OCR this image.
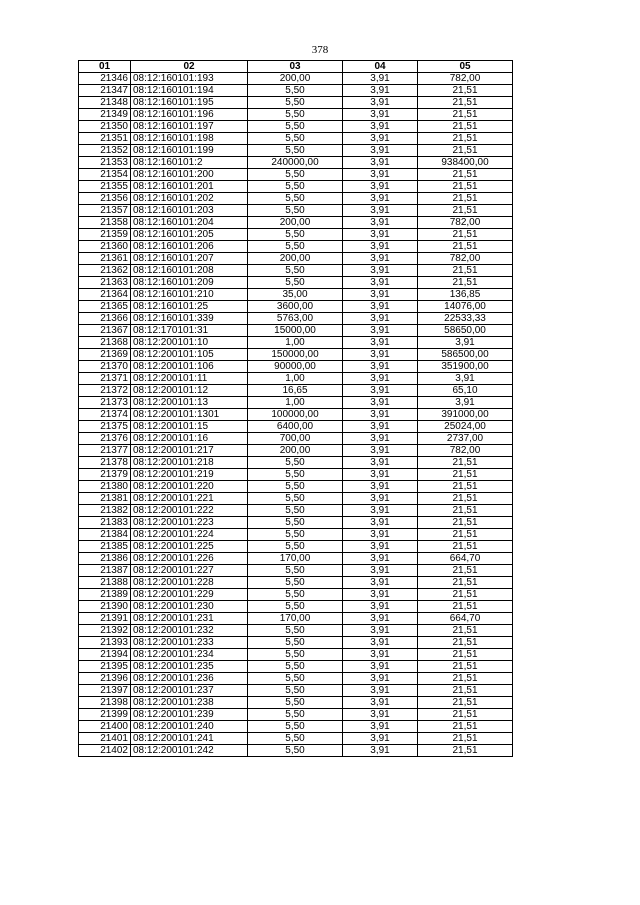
378
01	02	03	04	05
21346	08:12:160101:193	200,00	3,91	782,00
21347	08:12:160101:194	5,50	3,91	21,51
21348	08:12:160101:195	5,50	3,91	21,51
21349	08:12:160101:196	5,50	3,91	21,51
21350	08:12:160101:197	5,50	3,91	21,51
21351	08:12:160101:198	5,50	3,91	21,51
21352	08:12:160101:199	5,50	3,91	21,51
21353	08:12:160101:2	240000,00	3,91	938400,00
21354	08:12:160101:200	5,50	3,91	21,51
21355	08:12:160101:201	5,50	3,91	21,51
21356	08:12:160101:202	5,50	3,91	21,51
21357	08:12:160101:203	5,50	3,91	21,51
21358	08:12:160101:204	200,00	3,91	782,00
21359	08:12:160101:205	5,50	3,91	21,51
21360	08:12:160101:206	5,50	3,91	21,51
21361	08:12:160101:207	200,00	3,91	782,00
21362	08:12:160101:208	5,50	3,91	21,51
21363	08:12:160101:209	5,50	3,91	21,51
21364	08:12:160101:210	35,00	3,91	136,85
21365	08:12:160101:25	3600,00	3,91	14076,00
21366	08:12:160101:339	5763,00	3,91	22533,33
21367	08:12:170101:31	15000,00	3,91	58650,00
21368	08:12:200101:10	1,00	3,91	3,91
21369	08:12:200101:105	150000,00	3,91	586500,00
21370	08:12:200101:106	90000,00	3,91	351900,00
21371	08:12:200101:11	1,00	3,91	3,91
21372	08:12:200101:12	16,65	3,91	65,10
21373	08:12:200101:13	1,00	3,91	3,91
21374	08:12:200101:1301	100000,00	3,91	391000,00
21375	08:12:200101:15	6400,00	3,91	25024,00
21376	08:12:200101:16	700,00	3,91	2737,00
21377	08:12:200101:217	200,00	3,91	782,00
21378	08:12:200101:218	5,50	3,91	21,51
21379	08:12:200101:219	5,50	3,91	21,51
21380	08:12:200101:220	5,50	3,91	21,51
21381	08:12:200101:221	5,50	3,91	21,51
21382	08:12:200101:222	5,50	3,91	21,51
21383	08:12:200101:223	5,50	3,91	21,51
21384	08:12:200101:224	5,50	3,91	21,51
21385	08:12:200101:225	5,50	3,91	21,51
21386	08:12:200101:226	170,00	3,91	664,70
21387	08:12:200101:227	5,50	3,91	21,51
21388	08:12:200101:228	5,50	3,91	21,51
21389	08:12:200101:229	5,50	3,91	21,51
21390	08:12:200101:230	5,50	3,91	21,51
21391	08:12:200101:231	170,00	3,91	664,70
21392	08:12:200101:232	5,50	3,91	21,51
21393	08:12:200101:233	5,50	3,91	21,51
21394	08:12:200101:234	5,50	3,91	21,51
21395	08:12:200101:235	5,50	3,91	21,51
21396	08:12:200101:236	5,50	3,91	21,51
21397	08:12:200101:237	5,50	3,91	21,51
21398	08:12:200101:238	5,50	3,91	21,51
21399	08:12:200101:239	5,50	3,91	21,51
21400	08:12:200101:240	5,50	3,91	21,51
21401	08:12:200101:241	5,50	3,91	21,51
21402	08:12:200101:242	5,50	3,91	21,51
